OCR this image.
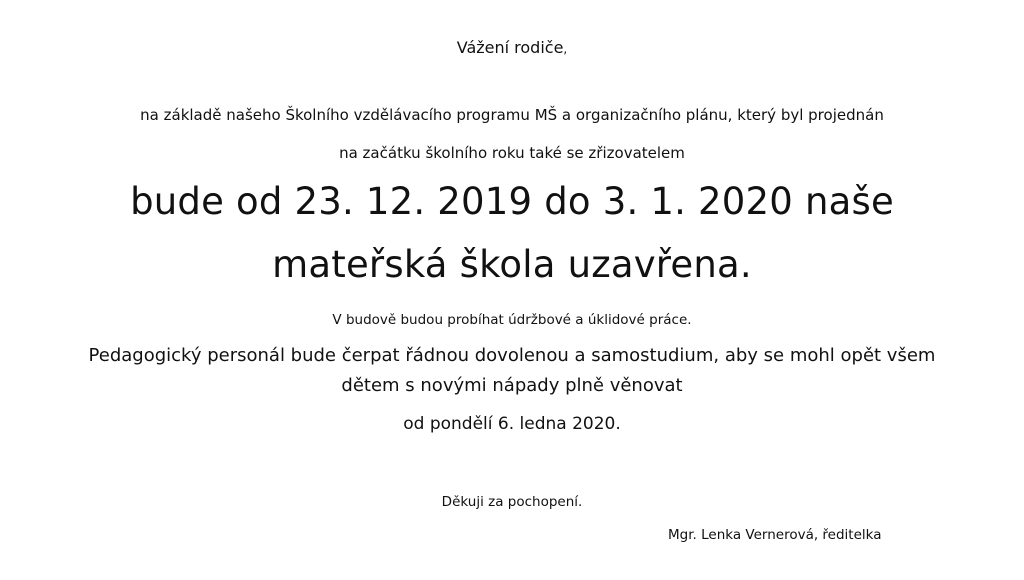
Vážení rodiče,
na základě našeho Školního vzdělávacího programu MŠ a organizačního plánu, který byl projednán
na začátku školního roku také se zřizovatelem
bude od 23. 12. 2019 do 3. 1. 2020 naše
mateřská škola uzavřena.
V budově budou probíhat údržbové a úklidové práce.
Pedagogický personál bude čerpat řádnou dovolenou a samostudium, aby se mohl opět všem
dětem s novými nápady plně věnovat
od pondělí 6. ledna 2020.
Děkuji za pochopení.
Mgr. Lenka Vernerová, ředitelka
